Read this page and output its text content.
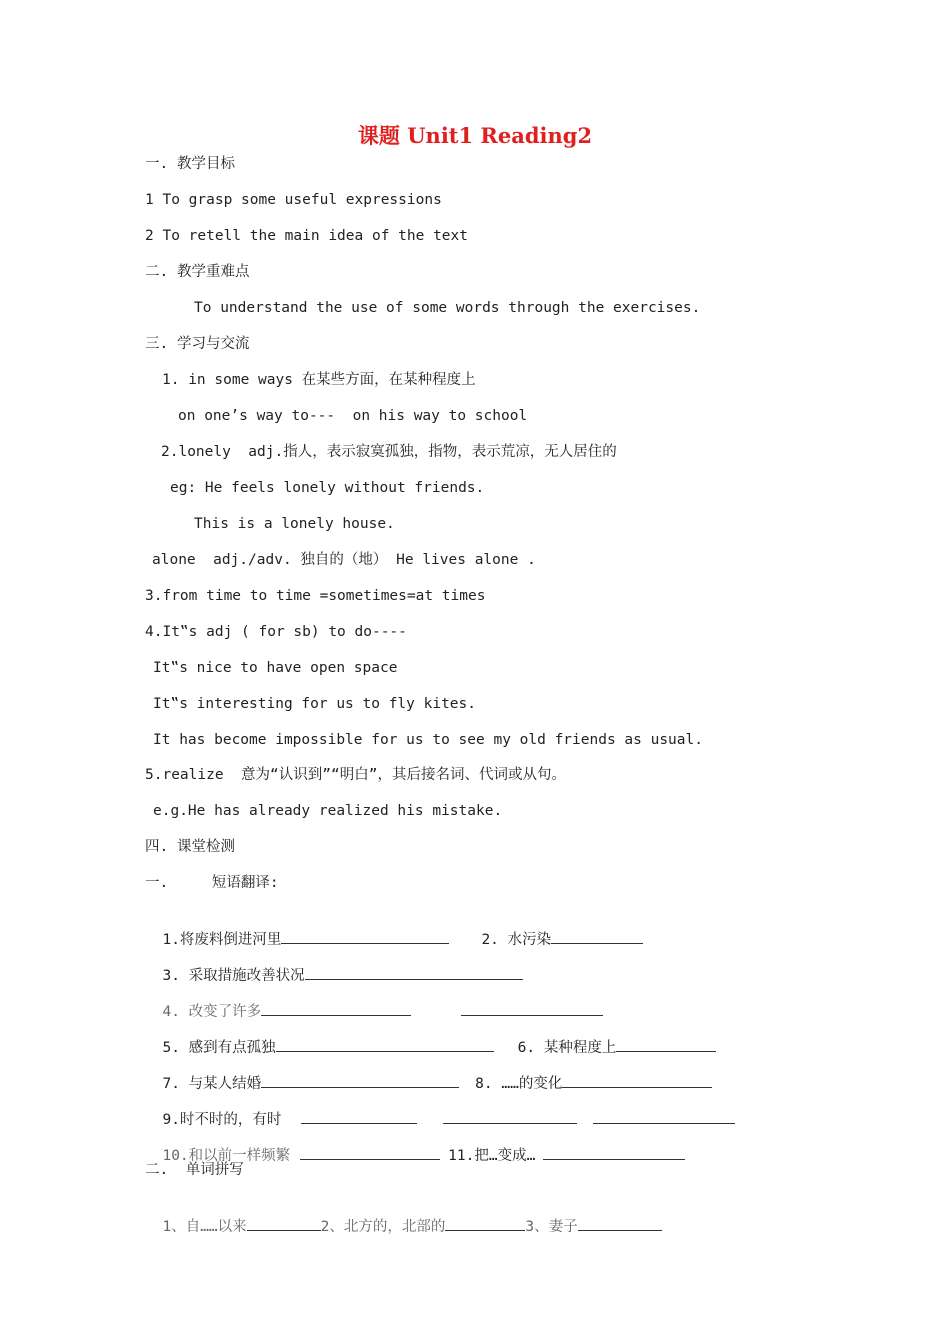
课题 Unit1 Reading2
一. 教学目标
1 To grasp some useful expressions
2 To retell the main idea of the text
二. 教学重难点
To understand the use of some words through the exercises.
三. 学习与交流
1. in some ways 在某些方面，在某种程度上
on one’s way to---  on his way to school
2.lonely  adj.指人，表示寂寞孤独，指物，表示荒凉，无人居住的
eg: He feels lonely without friends.
This is a lonely house.
alone  adj./adv. 独自的（地） He lives alone .
3.from time to time =sometimes=at times
4.It‟s adj ( for sb) to do----
It‟s nice to have open space
It‟s interesting for us to fly kites.
It has become impossible for us to see my old friends as usual.
5.realize  意为“认识到”“明白”，其后接名词、代词或从句。
e.g.He has already realized his mistake.
四. 课堂检测
一.     短语翻译:

1.将废料倒进河里	2. 水污染

3. 采取措施改善状况

4. 改变了许多

5. 感到有点孤独	6. 某种程度上

7. 与某人结婚	8. ……的变化

9.时不时的，有时

10.和以前一样频繁	11.把…变成…

二.  单词拼写

1、自……以来	2、北方的，北部的	3、妻子
